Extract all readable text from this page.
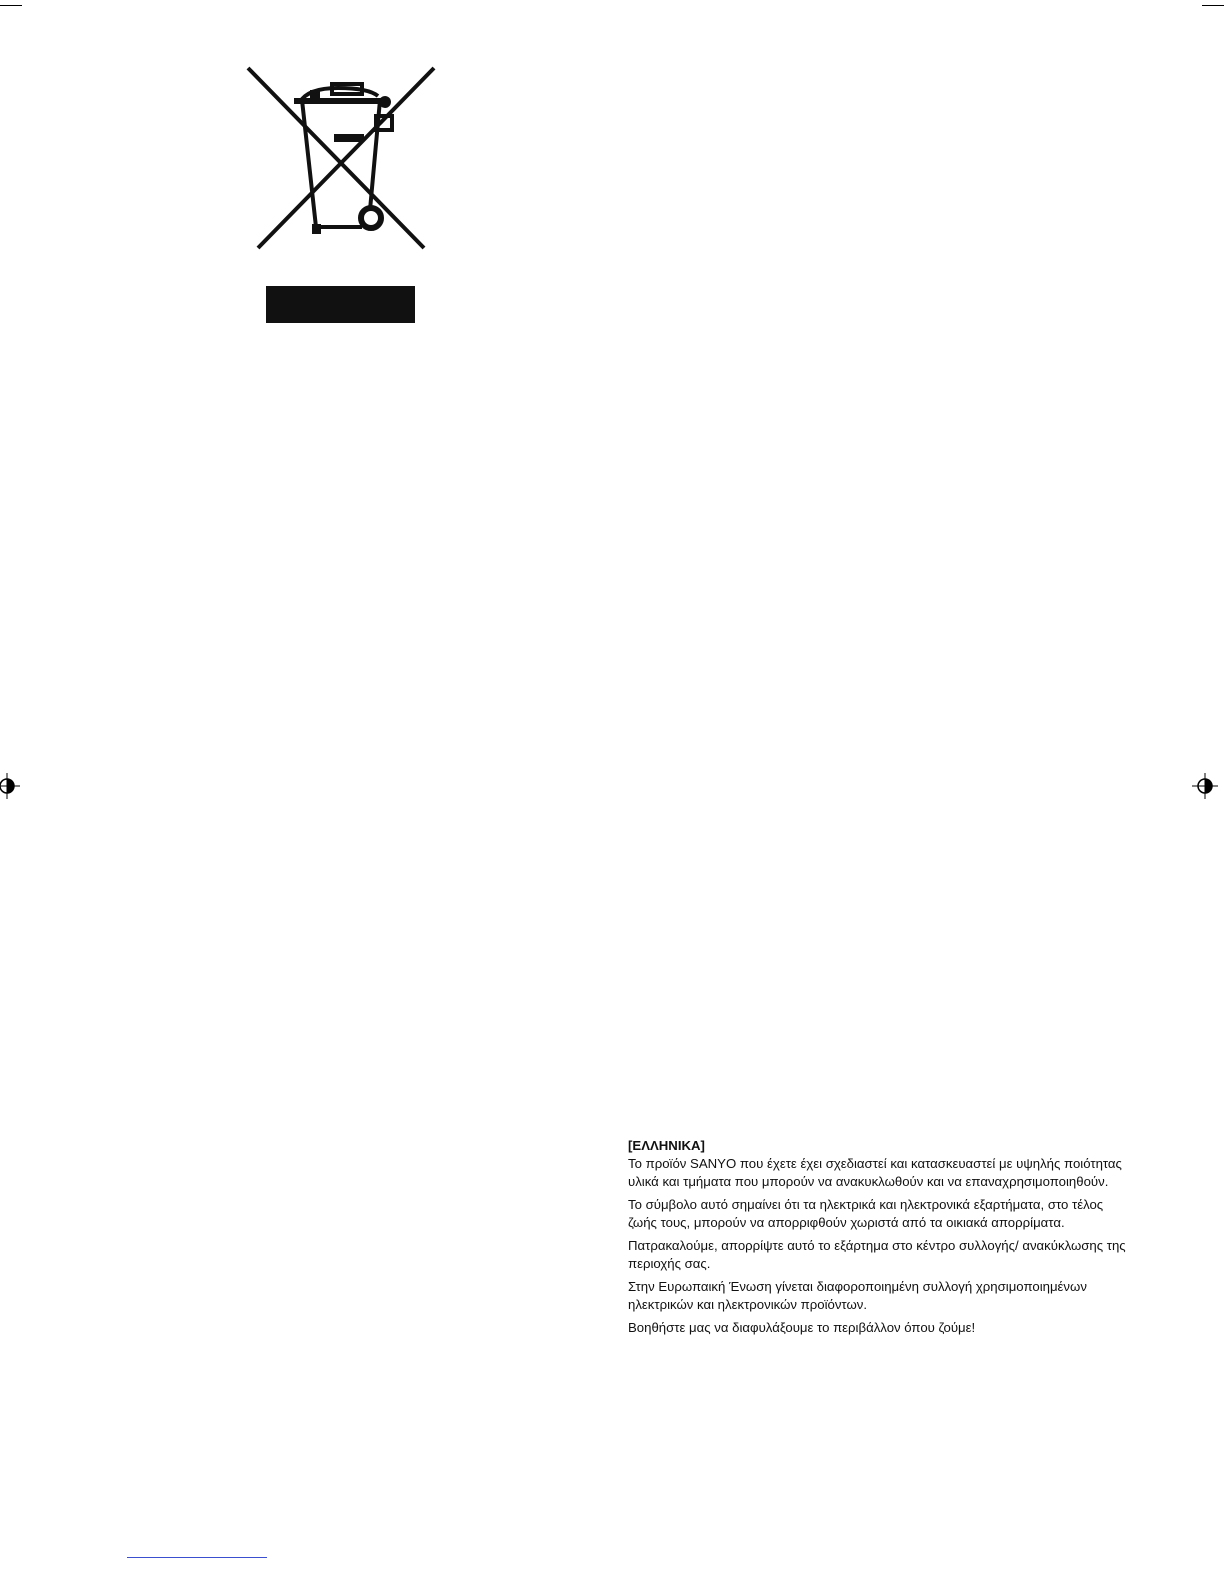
[ΕΛΛΗΝΙΚΑ]

Το προϊόν SANYO που έχετε έχει σχεδιαστεί και κατασκευαστεί με υψηλής ποιότητας υλικά και τμήματα που μπορούν να ανακυκλωθούν και να επαναχρησιμοποιηθούν.

Το σύμβολο αυτό σημαίνει ότι τα ηλεκτρικά και ηλεκτρονικά εξαρτήματα, στο τέλος ζωής τους, μπορούν να απορριφθούν χωριστά από τα οικιακά απορρίματα.

Πατρακαλούμε, απορρίψτε αυτό το εξάρτημα στο κέντρο συλλογής/ ανακύκλωσης της περιοχής σας.

Στην Ευρωπαική Ένωση γίνεται διαφοροποιημένη συλλογή χρησιμοποιημένων ηλεκτρικών και ηλεκτρονικών προϊόντων.

Βοηθήστε μας να διαφυλάξουμε το περιβάλλον όπου ζούμε!
